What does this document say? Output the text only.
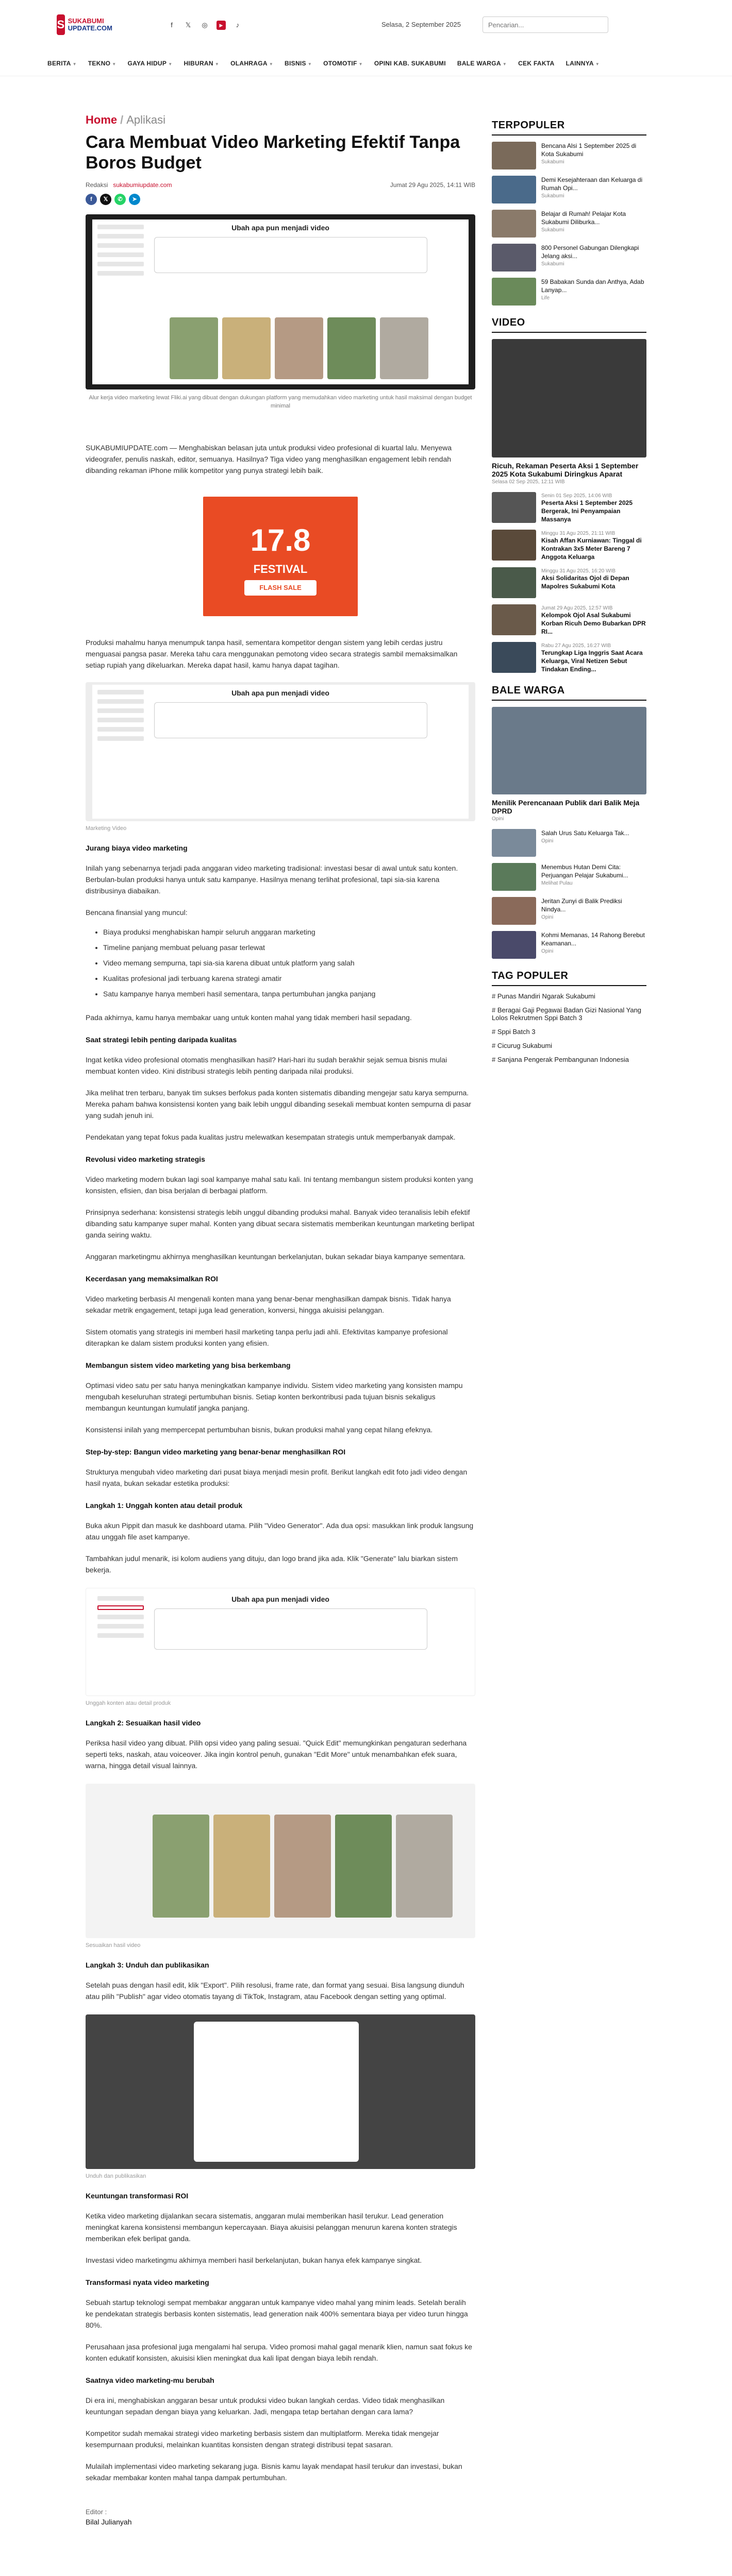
S SUKABUMI
UPDATE.COM	f	𝕏 ◎	▶	♪	Selasa, 2 September 2025
Pencarian...
BERITA ▼ TEKNO ▼ GAYA HIDUP ▼ HIBURAN ▼ OLAHRAGA ▼ BISNIS ▼ OTOMOTIF ▼ OPINI KAB. SUKABUMI BALE WARGA ▼ CEK FAKTA LAINNYA ▼
Home / Aplikasi
Cara Membuat Video Marketing Efektif Tanpa Boros Budget
Redaksi sukabumiupdate.com	Jumat 29 Agu 2025, 14:11 WIB
f	𝕏	✆	➤
Ubah apa pun menjadi video
Alur kerja video marketing lewat Fliki.ai yang dibuat dengan dukungan platform yang memudahkan video marketing untuk hasil maksimal dengan budget minimal

SUKABUMIUPDATE.com — Menghabiskan belasan juta untuk produksi video profesional di kuartal lalu. Menyewa videografer, penulis naskah, editor, semuanya. Hasilnya? Tiga video yang menghasilkan engagement lebih rendah dibanding rekaman iPhone milik kompetitor yang punya strategi lebih baik.

17.8
FESTIVAL
FLASH SALE

Produksi mahalmu hanya menumpuk tanpa hasil, sementara kompetitor dengan sistem yang lebih cerdas justru menguasai pangsa pasar. Mereka tahu cara menggunakan pemotong video secara strategis sambil memaksimalkan setiap rupiah yang dikeluarkan. Mereka dapat hasil, kamu hanya dapat tagihan.

Ubah apa pun menjadi video
Marketing Video
Jurang biaya video marketing

Inilah yang sebenarnya terjadi pada anggaran video marketing tradisional: investasi besar di awal untuk satu konten. Berbulan-bulan produksi hanya untuk satu kampanye. Hasilnya menang terlihat profesional, tapi sia-sia karena distribusinya diabaikan.

Bencana finansial yang muncul:

• Biaya produksi menghabiskan hampir seluruh anggaran marketing
• Timeline panjang membuat peluang pasar terlewat
• Video memang sempurna, tapi sia-sia karena dibuat untuk platform yang salah
• Kualitas profesional jadi terbuang karena strategi amatir
• Satu kampanye hanya memberi hasil sementara, tanpa pertumbuhan jangka panjang

Pada akhirnya, kamu hanya membakar uang untuk konten mahal yang tidak memberi hasil sepadang.

Saat strategi lebih penting daripada kualitas

Ingat ketika video profesional otomatis menghasilkan hasil? Hari-hari itu sudah berakhir sejak semua bisnis mulai membuat konten video. Kini distribusi strategis lebih penting daripada nilai produksi.

Jika melihat tren terbaru, banyak tim sukses berfokus pada konten sistematis dibanding mengejar satu karya sempurna. Mereka paham bahwa konsistensi konten yang baik lebih unggul dibanding sesekali membuat konten sempurna di pasar yang sudah jenuh ini.

Pendekatan yang tepat fokus pada kualitas justru melewatkan kesempatan strategis untuk memperbanyak dampak.

Revolusi video marketing strategis

Video marketing modern bukan lagi soal kampanye mahal satu kali. Ini tentang membangun sistem produksi konten yang konsisten, efisien, dan bisa berjalan di berbagai platform.

Prinsipnya sederhana: konsistensi strategis lebih unggul dibanding produksi mahal. Banyak video teranalisis lebih efektif dibanding satu kampanye super mahal. Konten yang dibuat secara sistematis memberikan keuntungan marketing berlipat ganda seiring waktu.

Anggaran marketingmu akhirnya menghasilkan keuntungan berkelanjutan, bukan sekadar biaya kampanye sementara.

Kecerdasan yang memaksimalkan ROI

Video marketing berbasis AI mengenali konten mana yang benar-benar menghasilkan dampak bisnis. Tidak hanya sekadar metrik engagement, tetapi juga lead generation, konversi, hingga akuisisi pelanggan.

Sistem otomatis yang strategis ini memberi hasil marketing tanpa perlu jadi ahli. Efektivitas kampanye profesional diterapkan ke dalam sistem produksi konten yang efisien.

Membangun sistem video marketing yang bisa berkembang

Optimasi video satu per satu hanya meningkatkan kampanye individu. Sistem video marketing yang konsisten mampu mengubah keseluruhan strategi pertumbuhan bisnis. Setiap konten berkontribusi pada tujuan bisnis sekaligus membangun keuntungan kumulatif jangka panjang.

Konsistensi inilah yang mempercepat pertumbuhan bisnis, bukan produksi mahal yang cepat hilang efeknya.

Step-by-step: Bangun video marketing yang benar-benar menghasilkan ROI

Strukturya mengubah video marketing dari pusat biaya menjadi mesin profit. Berikut langkah edit foto jadi video dengan hasil nyata, bukan sekadar estetika produksi:

Langkah 1: Unggah konten atau detail produk

Buka akun Pippit dan masuk ke dashboard utama. Pilih "Video Generator". Ada dua opsi: masukkan link produk langsung atau unggah file aset kampanye.

Tambahkan judul menarik, isi kolom audiens yang dituju, dan logo brand jika ada. Klik "Generate" lalu biarkan sistem bekerja.

Ubah apa pun menjadi video
Unggah konten atau detail produk
Langkah 2: Sesuaikan hasil video

Periksa hasil video yang dibuat. Pilih opsi video yang paling sesuai. "Quick Edit" memungkinkan pengaturan sederhana seperti teks, naskah, atau voiceover. Jika ingin kontrol penuh, gunakan "Edit More" untuk menambahkan efek suara, warna, hingga detail visual lainnya.

Sesuaikan hasil video
Langkah 3: Unduh dan publikasikan

Setelah puas dengan hasil edit, klik "Export". Pilih resolusi, frame rate, dan format yang sesuai. Bisa langsung diunduh atau pilih "Publish" agar video otomatis tayang di TikTok, Instagram, atau Facebook dengan setting yang optimal.

Unduh dan publikasikan
Keuntungan transformasi ROI

Ketika video marketing dijalankan secara sistematis, anggaran mulai memberikan hasil terukur. Lead generation meningkat karena konsistensi membangun kepercayaan. Biaya akuisisi pelanggan menurun karena konten strategis memberikan efek berlipat ganda.

Investasi video marketingmu akhirnya memberi hasil berkelanjutan, bukan hanya efek kampanye singkat.

Transformasi nyata video marketing

Sebuah startup teknologi sempat membakar anggaran untuk kampanye video mahal yang minim leads. Setelah beralih ke pendekatan strategis berbasis konten sistematis, lead generation naik 400% sementara biaya per video turun hingga 80%.

Perusahaan jasa profesional juga mengalami hal serupa. Video promosi mahal gagal menarik klien, namun saat fokus ke konten edukatif konsisten, akuisisi klien meningkat dua kali lipat dengan biaya lebih rendah.

Saatnya video marketing-mu berubah

Di era ini, menghabiskan anggaran besar untuk produksi video bukan langkah cerdas. Video tidak menghasilkan keuntungan sepadan dengan biaya yang keluarkan. Jadi, mengapa tetap bertahan dengan cara lama?

Kompetitor sudah memakai strategi video marketing berbasis sistem dan multiplatform. Mereka tidak mengejar kesempurnaan produksi, melainkan kuantitas konsisten dengan strategi distribusi tepat sasaran.

Mulailah implementasi video marketing sekarang juga. Bisnis kamu layak mendapat hasil terukur dan investasi, bukan sekadar membakar konten mahal tanpa dampak pertumbuhan.

Editor :
Bilal Julianyah
TERPOPULER
Bencana Alsi 1 September 2025 di Kota Sukabumi
Sukabumi
Demi Kesejahteraan dan Keluarga di Rumah Opi...
Sukabumi
Belajar di Rumah! Pelajar Kota Sukabumi Diliburka...
Sukabumi
800 Personel Gabungan Dilengkapi Jelang aksi...
Sukabumi
59 Babakan Sunda dan Anthya, Adab Lanyap...
Life
VIDEO
Ricuh, Rekaman Peserta Aksi 1 September 2025 Kota Sukabumi Diringkus Aparat
Selasa 02 Sep 2025, 12:11 WIB
Senin 01 Sep 2025, 14:06 WIB
Peserta Aksi 1 September 2025 Bergerak, Ini Penyampaian Massanya
Minggu 31 Agu 2025, 21:11 WIB
Kisah Affan Kurniawan: Tinggal di Kontrakan 3x5 Meter Bareng 7 Anggota Keluarga
Minggu 31 Agu 2025, 16:20 WIB
Aksi Solidaritas Ojol di Depan Mapolres Sukabumi Kota
Jumat 29 Agu 2025, 12:57 WIB
Kelompok Ojol Asal Sukabumi Korban Ricuh Demo Bubarkan DPR RI...
Rabu 27 Agu 2025, 16:27 WIB
Terungkap Liga Inggris Saat Acara Keluarga, Viral Netizen Sebut Tindakan Ending...
BALE WARGA
Menilik Perencanaan Publik dari Balik Meja DPRD
Opini
Salah Urus Satu Keluarga Tak...
Opini
Menembus Hutan Demi Cita: Perjuangan Pelajar Sukabumi...
Melihat Pulau
Jeritan Zunyi di Balik Prediksi Nindya...
Opini
Kohmi Memanas, 14 Rahong Berebut Keamanan...
Opini
TAG POPULER
# Punas Mandiri Ngarak Sukabumi
# Beragai Gaji Pegawai Badan Gizi Nasional Yang Lolos Rekrutmen Sppi Batch 3
# Sppi Batch 3
# Cicurug Sukabumi
# Sanjana Pengerak Pembangunan Indonesia
